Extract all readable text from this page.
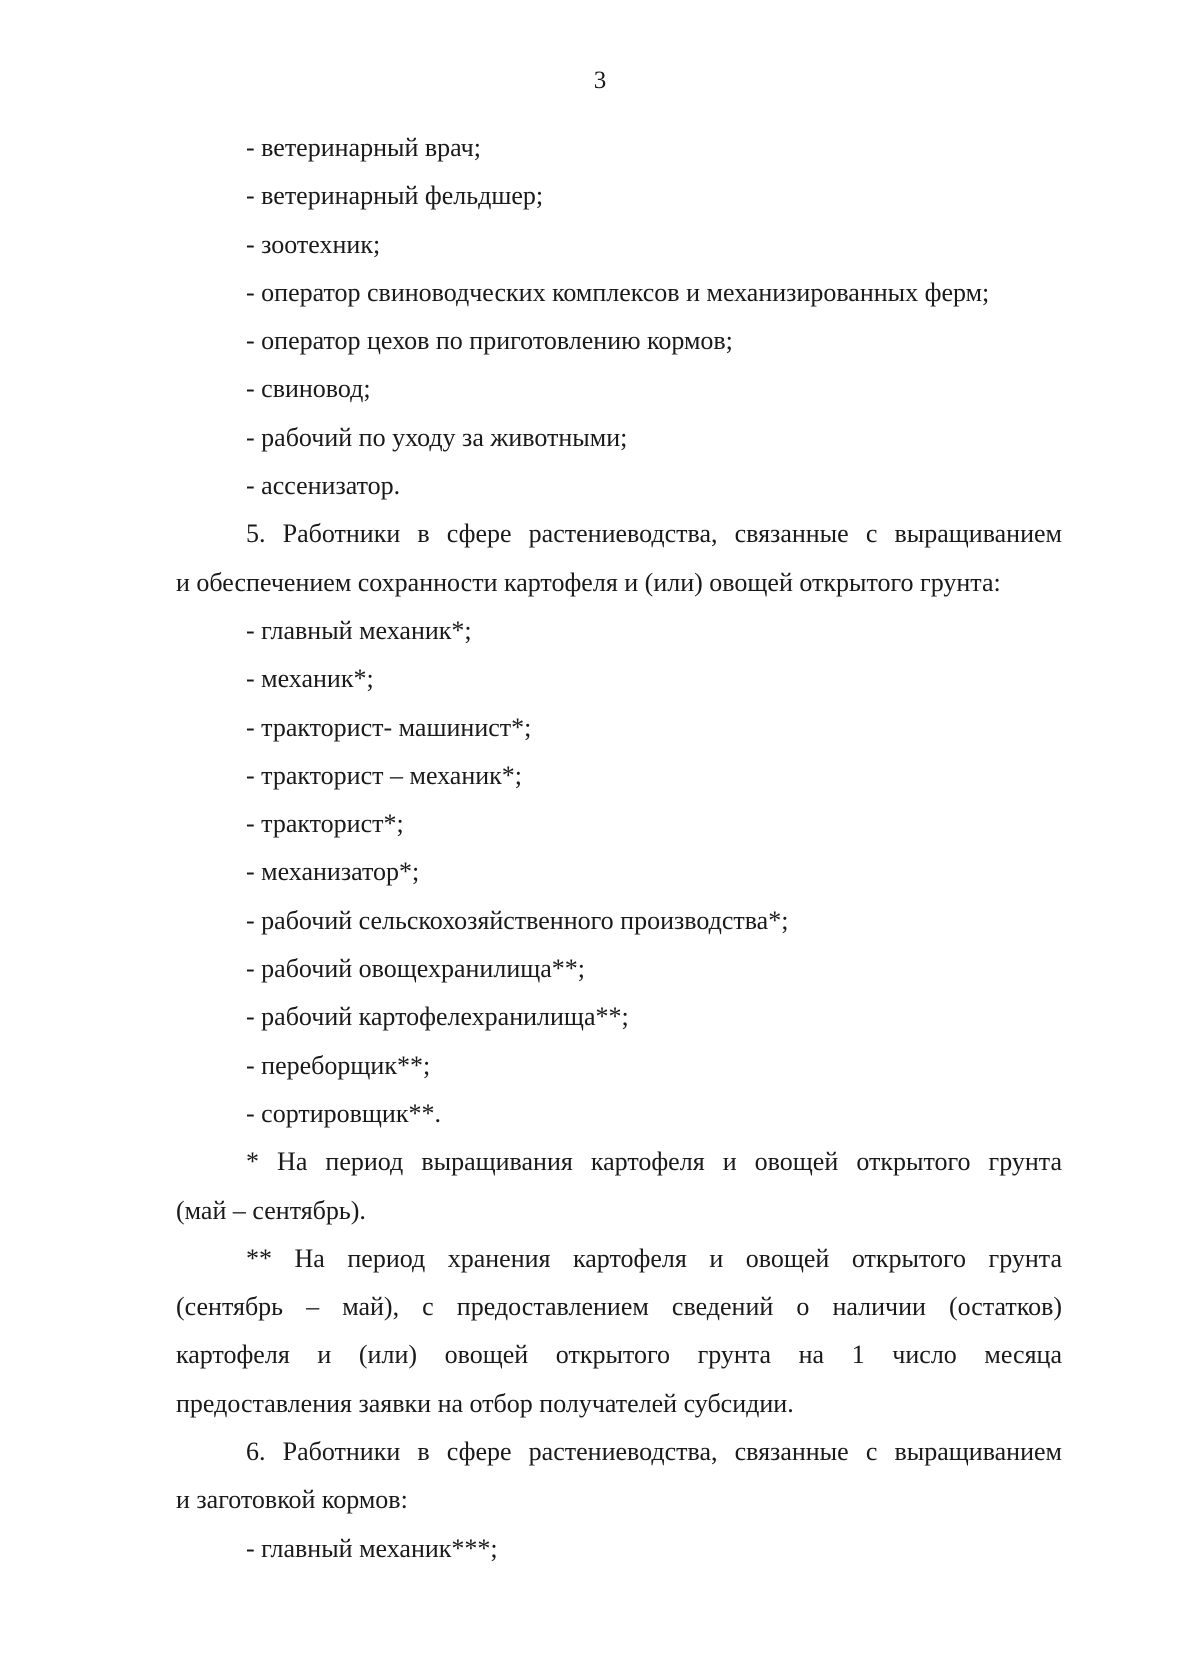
3

- ветеринарный врач;

- ветеринарный фельдшер;

- зоотехник;

- оператор свиноводческих комплексов и механизированных ферм;

- оператор цехов по приготовлению кормов;

- свиновод;

- рабочий по уходу за животными;

- ассенизатор.

5. Работники в сфере растениеводства, связанные с выращиванием

и обеспечением сохранности картофеля и (или) овощей открытого грунта:

- главный механик*;

- механик*;

- тракторист- машинист*;

- тракторист – механик*;

- тракторист*;

- механизатор*;

- рабочий сельскохозяйственного производства*;

- рабочий овощехранилища**;

- рабочий картофелехранилища**;

- переборщик**;

- сортировщик**.

* На период выращивания картофеля и овощей открытого грунта

(май – сентябрь).

** На период хранения картофеля и овощей открытого грунта

(сентябрь – май), с предоставлением сведений о наличии (остатков)

картофеля и (или) овощей открытого грунта на 1 число месяца

предоставления заявки на отбор получателей субсидии.

6. Работники в сфере растениеводства, связанные с выращиванием

и заготовкой кормов:

- главный механик***;
